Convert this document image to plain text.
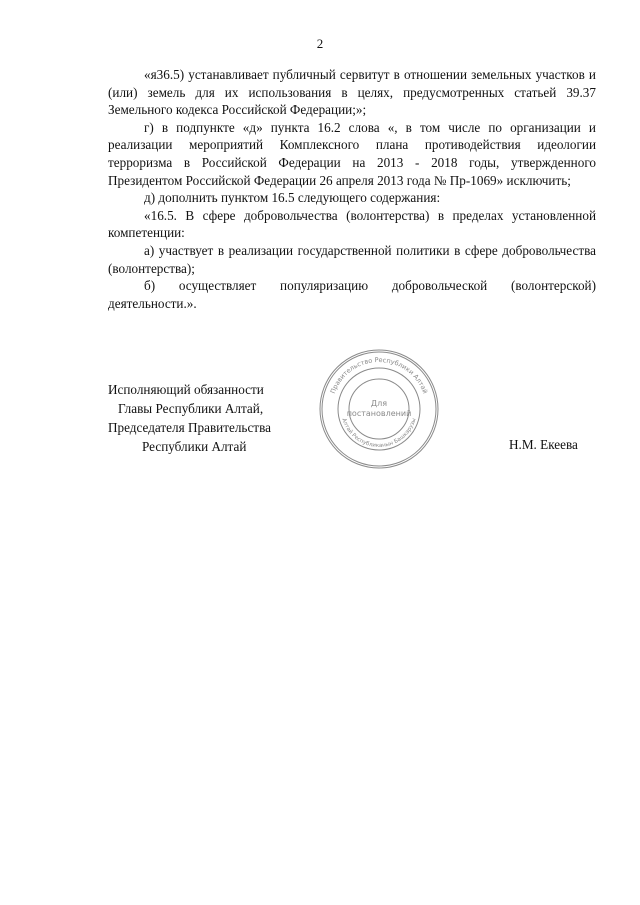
2

«я36.5) устанавливает публичный сервитут в отношении земельных участков и (или) земель для их использования в целях, предусмотренных статьей 39.37 Земельного кодекса Российской Федерации;»;

г) в подпункте «д» пункта 16.2 слова «, в том числе по организации и реализации мероприятий Комплексного плана противодействия идеологии терроризма в Российской Федерации на 2013 - 2018 годы, утвержденного Президентом Российской Федерации 26 апреля 2013 года № Пр-1069» исключить;

д) дополнить пунктом 16.5 следующего содержания:

«16.5. В сфере добровольчества (волонтерства) в пределах установленной компетенции:

а) участвует в реализации государственной политики в сфере добровольчества (волонтерства);

б) осуществляет популяризацию добровольческой (волонтерской) деятельности.».

Исполняющий обязанности
Главы Республики Алтай,
Председателя Правительства
Республики Алтай	Н.М. Екеева
Правительство Республики Алтай
Алтай Республиканын Башкарузы
Для
постановлений
